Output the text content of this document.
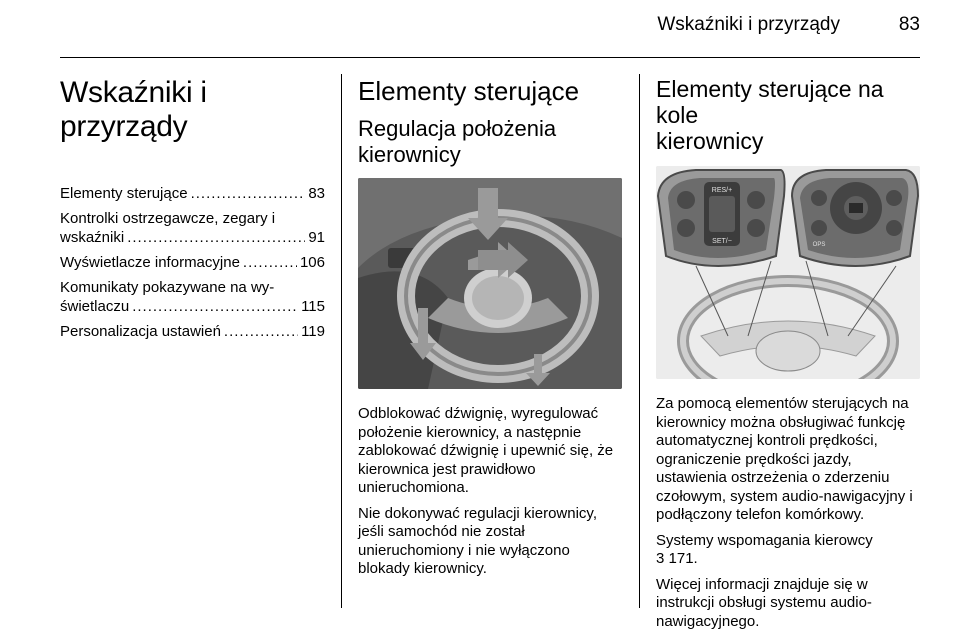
Wskaźniki i przyrządy	83
Wskaźniki i przyrządy
Elementy sterujące .....	83
Kontrolki ostrzegawcze, zegary i
wskaźniki .....	91
Wyświetlacze informacyjne .....	106
Komunikaty pokazywane na wy-
świetlaczu .....	115
Personalizacja ustawień .....	119
Elementy sterujące
Regulacja położenia
kierownicy

Odblokować dźwignię, wyregulować położenie kierownicy, a następnie zablokować dźwignię i upewnić się, że kierownica jest prawidłowo unieruchomiona.

Nie dokonywać regulacji kierownicy, jeśli samochód nie został unieruchomiony i nie wyłączono blokady kierownicy.

Elementy sterujące na kole
kierownicy
RES/+
SET/−	OPS

Za pomocą elementów sterujących na kierownicy można obsługiwać funkcję automatycznej kontroli prędkości, ograniczenie prędkości jazdy, ustawienia ostrzeżenia o zderzeniu czołowym, system audio-nawigacyjny i podłączony telefon komórkowy.

Systemy wspomagania kierowcy
3 171.

Więcej informacji znajduje się w instrukcji obsługi systemu audio-nawigacyjnego.
